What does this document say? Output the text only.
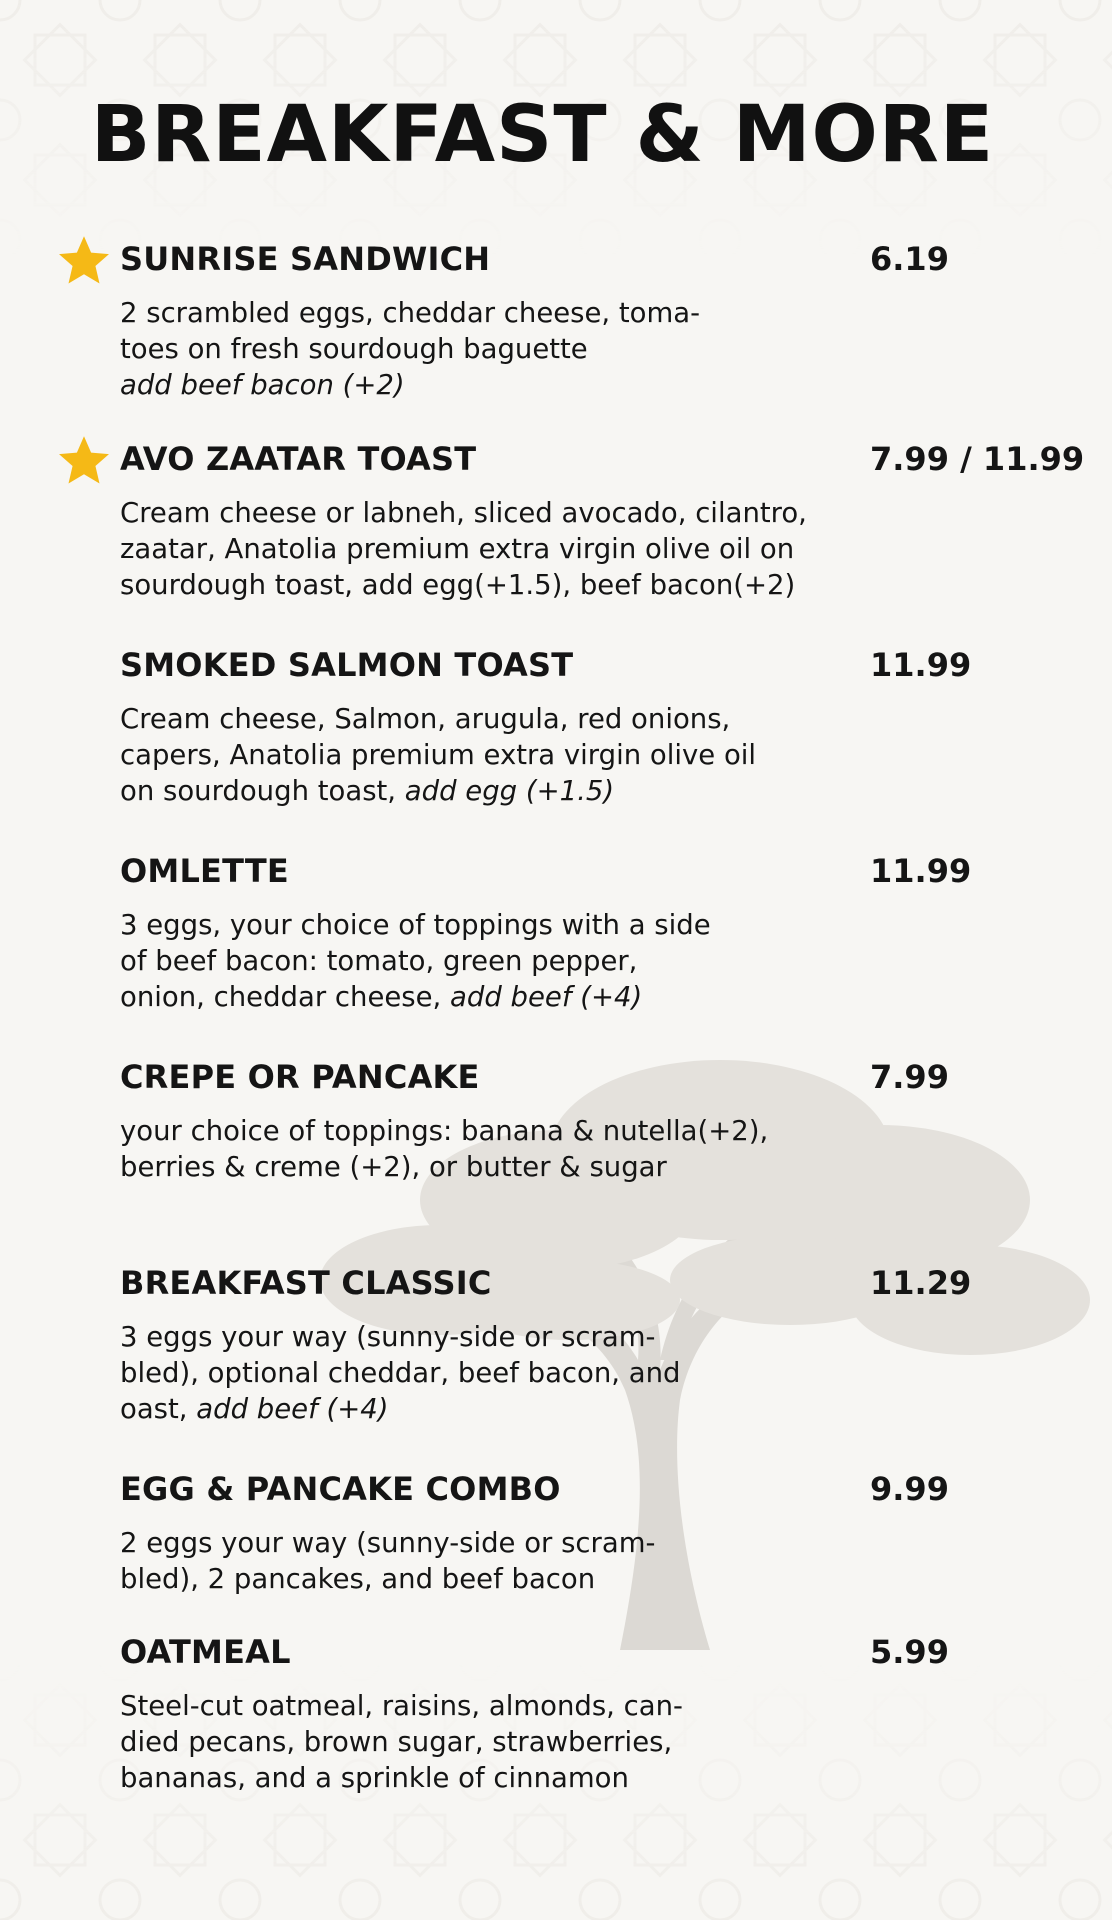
BREAKFAST & MORE
SUNRISE SANDWICH	6.19
2 scrambled eggs, cheddar cheese, toma-
toes on fresh sourdough baguette
add beef bacon (+2)
AVO ZAATAR TOAST	7.99 / 11.99
Cream cheese or labneh, sliced avocado, cilantro,
zaatar, Anatolia premium extra virgin olive oil on
sourdough toast, add egg(+1.5), beef bacon(+2)
SMOKED SALMON TOAST	11.99
Cream cheese, Salmon, arugula, red onions,
capers, Anatolia premium extra virgin olive oil
on sourdough toast, add egg (+1.5)
OMLETTE	11.99
3 eggs, your choice of toppings with a side
of beef bacon: tomato, green pepper,
onion, cheddar cheese, add beef (+4)
CREPE OR PANCAKE	7.99
your choice of toppings: banana & nutella(+2),
berries & creme (+2), or butter & sugar
BREAKFAST CLASSIC	11.29
3 eggs your way (sunny-side or scram-
bled), optional cheddar, beef bacon, and
oast, add beef (+4)
EGG & PANCAKE COMBO	9.99
2 eggs your way (sunny-side or scram-
bled), 2 pancakes, and beef bacon
OATMEAL	5.99
Steel-cut oatmeal, raisins, almonds, can-
died pecans, brown sugar, strawberries,
bananas, and a sprinkle of cinnamon
